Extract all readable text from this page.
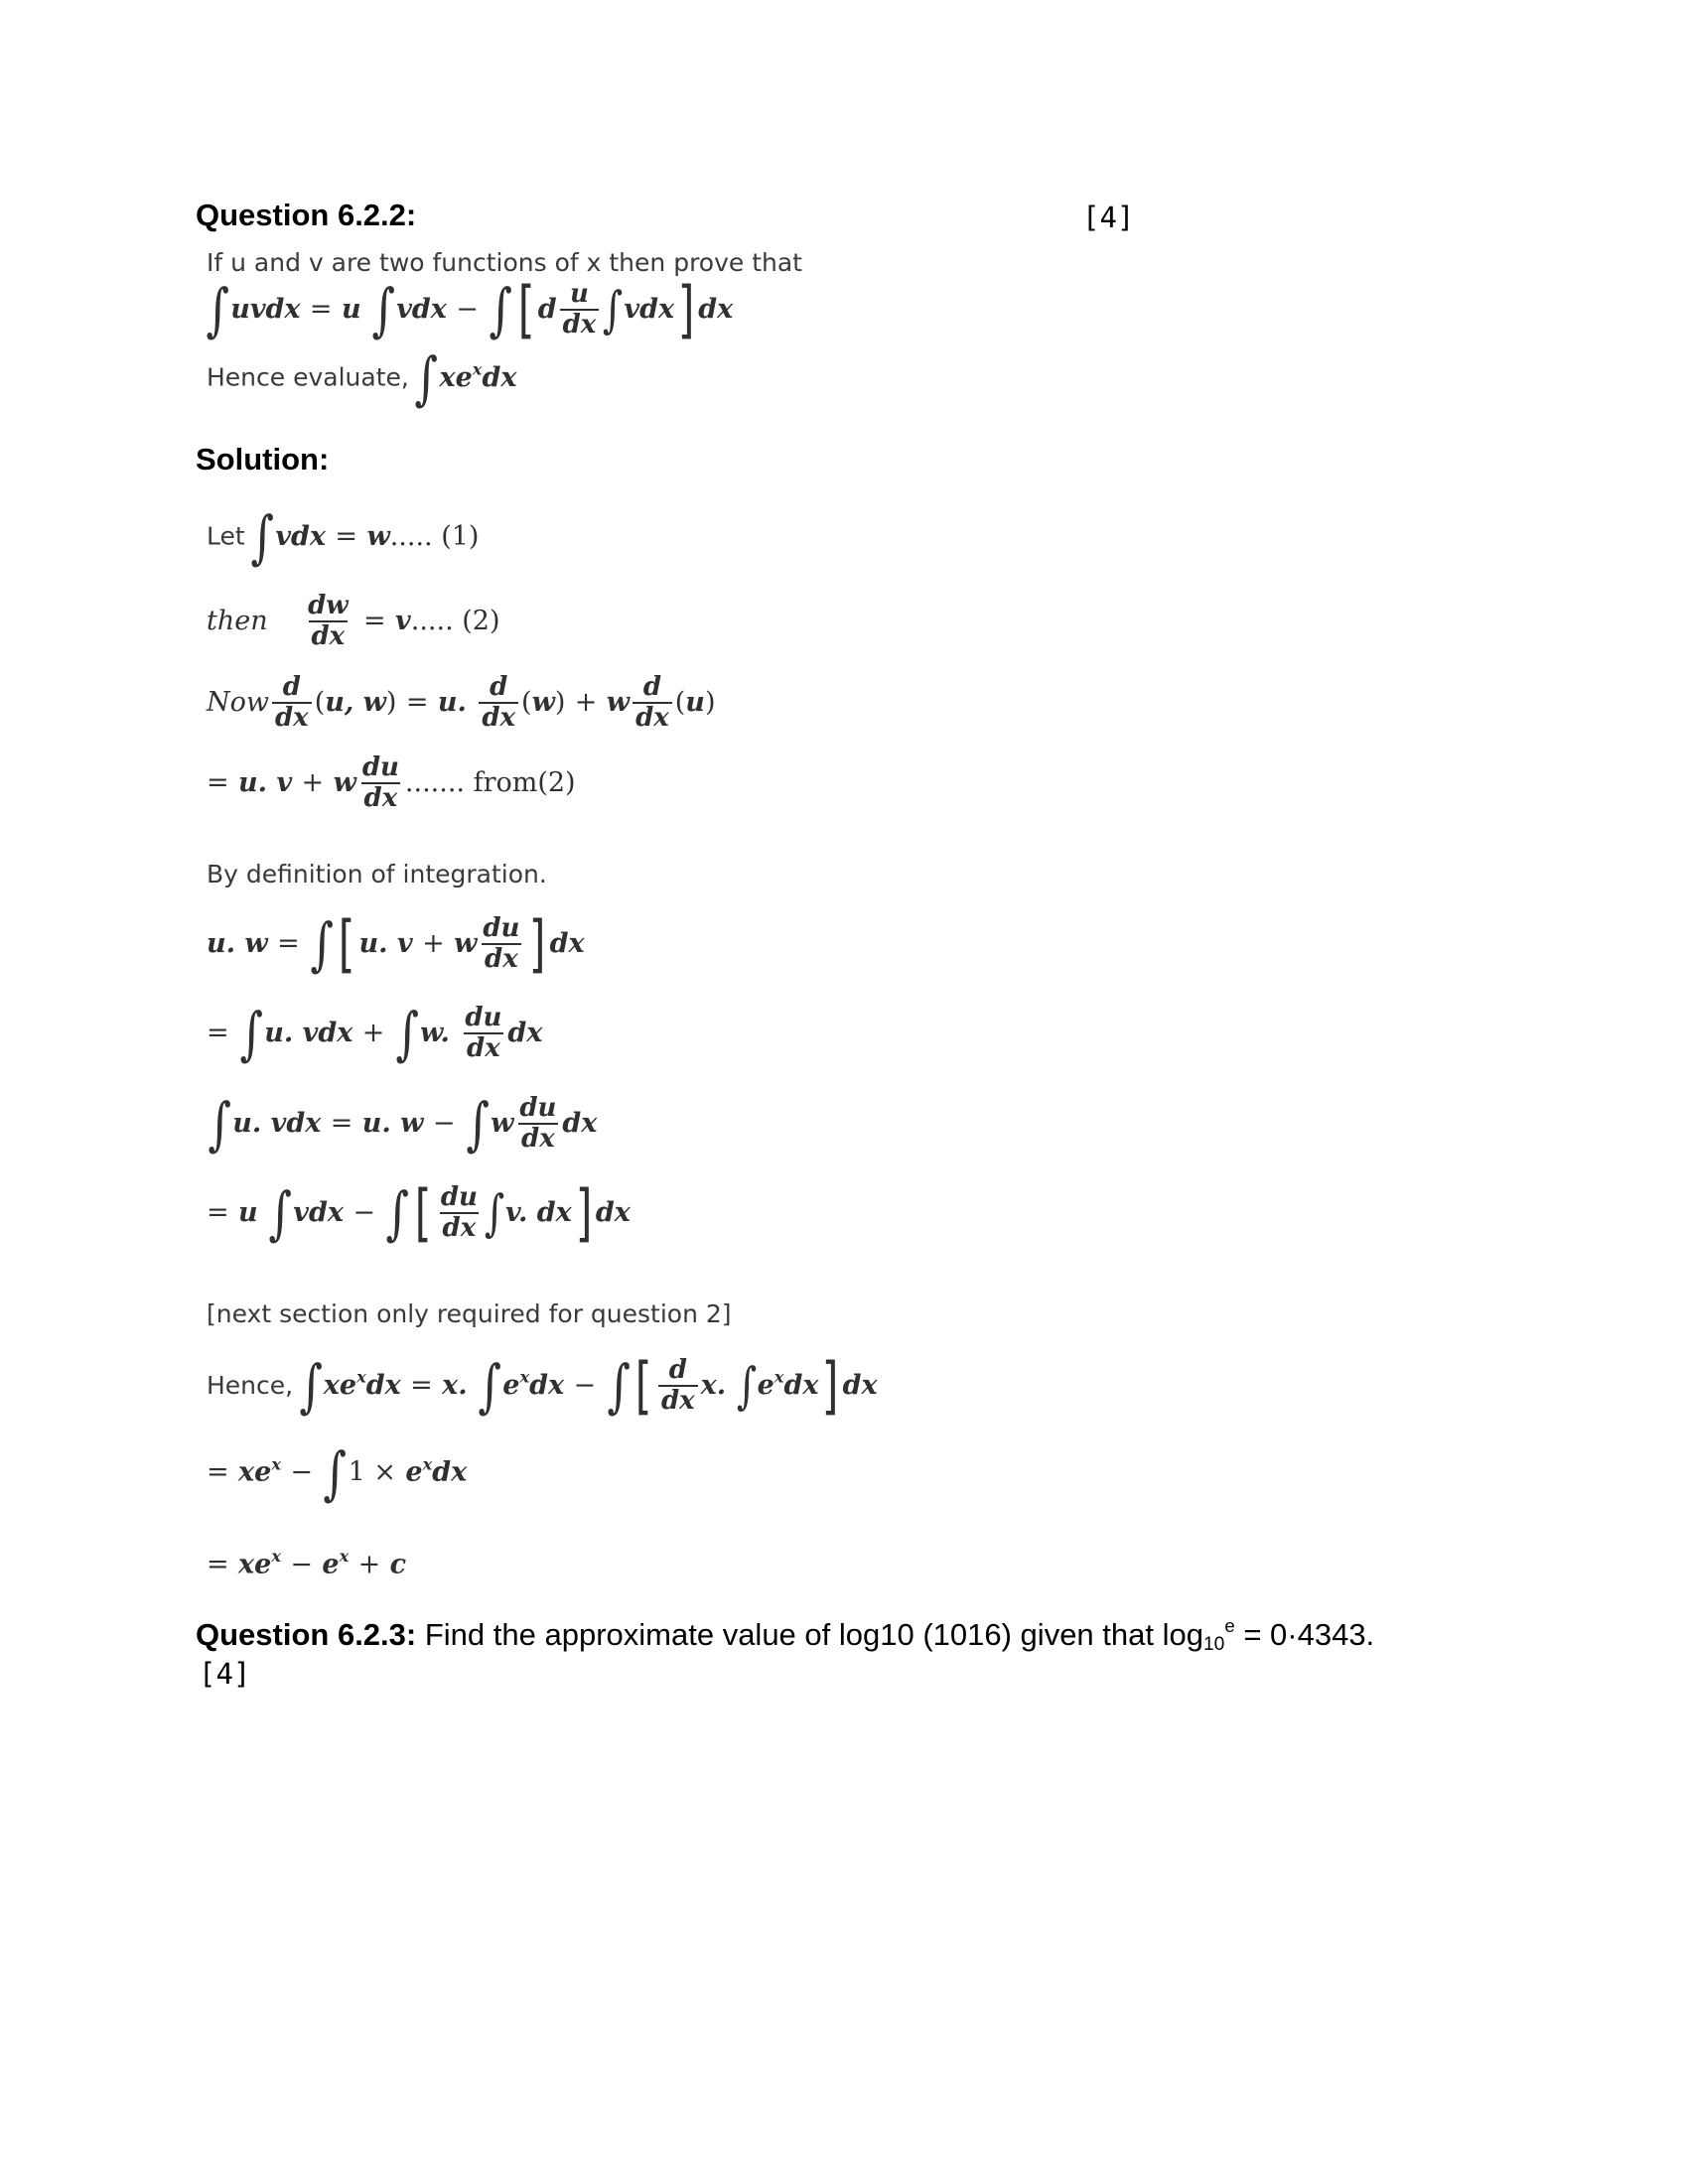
Question 6.2.2:	[4]
If u and v are two functions of x then prove that
∫uvdx = u ∫vdx − ∫[ d $\frac{u}{dx} \int vdx$] dx
Hence evaluate, $\int xe^xdx$
Solution:
Let ∫vdx = w..... (1)
then $\frac{dw}{dx} = v$..... (2)
Now $\frac{d}{dx} (u$, w) = u. $\frac{d}{dx} (w) + w \frac{d}{dx} (u)$
= u. v + w $\frac{du}{dx}$ ....... from(2)
By definition of integration.
u. w = ∫[ u. v + w $\frac{du}{dx}$ ] dx
= ∫u. vdx + ∫w. $\frac{du}{dx}$ dx
∫u. vdx = u. $w - \int w \frac{du}{dx}$ dx
= u ∫vdx − ∫[ $\frac{du}{dx} \int v$. dx] dx
[next section only required for question 2]
Hence, $\int xe^xdx = x$. $\int e^xdx$ − ∫[ $\frac{d}{dx} x$. $\int e^xdx$] dx
= $xe^x - \int 1 \times e^xdx$
= $xe^x - e^x + c$
Question 6.2.3: Find the approximate value of log10 (1016) given that $\log_{10}^e = 0\cdot 4343$.
[4]
